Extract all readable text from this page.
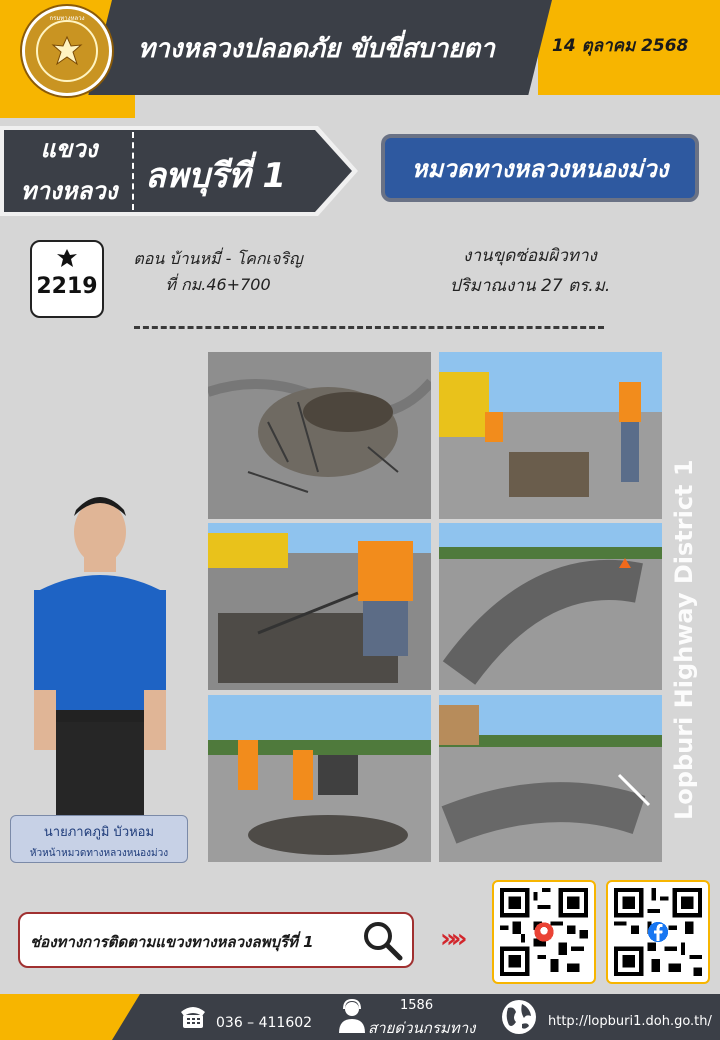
กรมทางหลวง
ทางหลวงปลอดภัย ขับขี่สบายตา	14 ตุลาคม 2568
แขวง
ทางหลวง ลพบุรีที่ 1	หมวดทางหลวงหนองม่วง
2219
ตอน บ้านหมี่ - โคกเจริญ
ที่ กม.46+700
งานขุดซ่อมผิวทาง
ปริมาณงาน 27 ตร.ม.
นายภาคภูมิ บัวหอม
หัวหน้าหมวดทางหลวงหนองม่วง
Lopburi Highway District 1
ช่องทางการติดตามแขวงทางหลวงลพบุรีที่ 1	»»
036 – 411602
1586
สายด่วนกรมทาง	http://lopburi1.doh.go.th/
